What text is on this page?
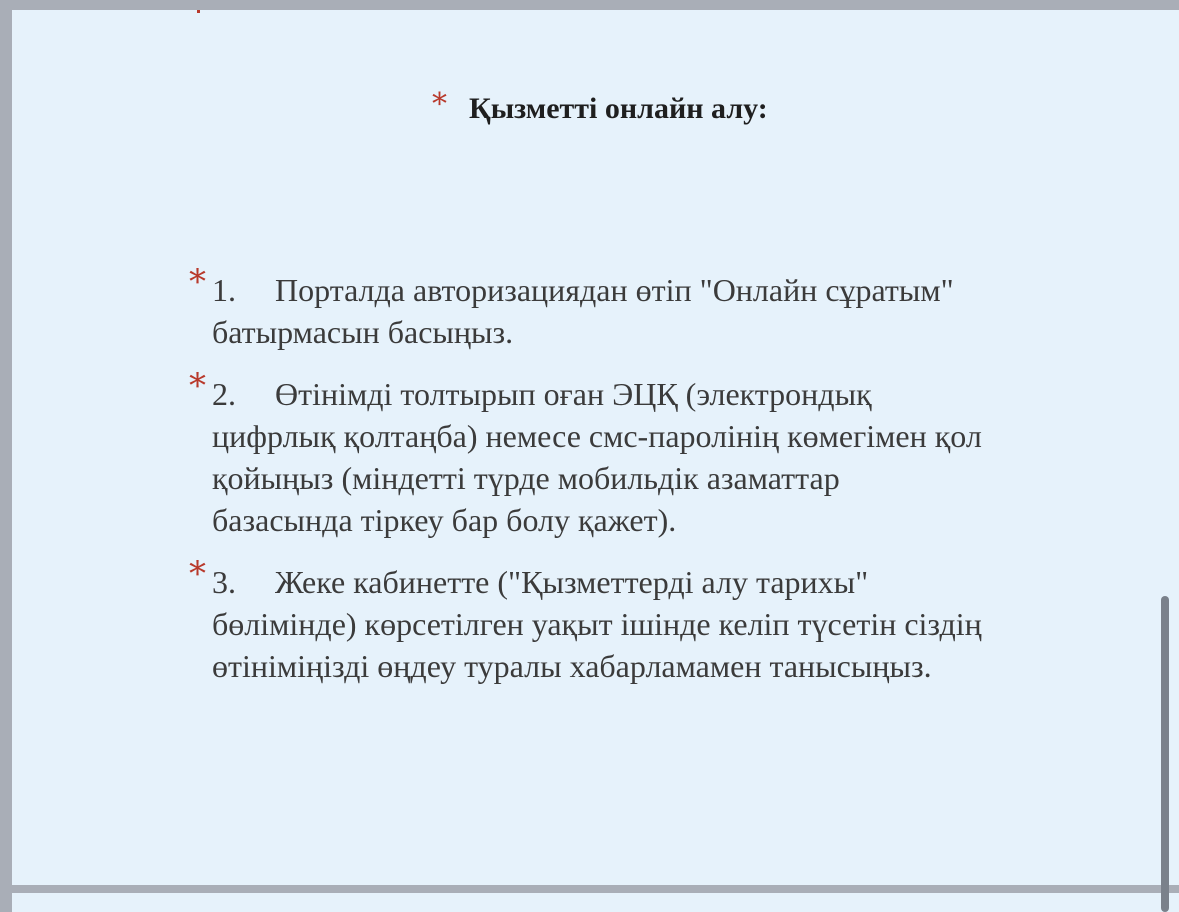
* Қызметті онлайн алу:
* 1. Порталда авторизациядан өтіп "Онлайн сұратым" батырмасын басыңыз.
* 2. Өтінімді толтырып оған ЭЦҚ (электрондық цифрлық қолтаңба) немесе смс-паролінің көмегімен қол қойыңыз (міндетті түрде мобильдік азаматтар базасында тіркеу бар болу қажет).
* 3. Жеке кабинетте ("Қызметтерді алу тарихы" бөлімінде) көрсетілген уақыт ішінде келіп түсетін сіздің өтініміңізді өңдеу туралы хабарламамен танысыңыз.
